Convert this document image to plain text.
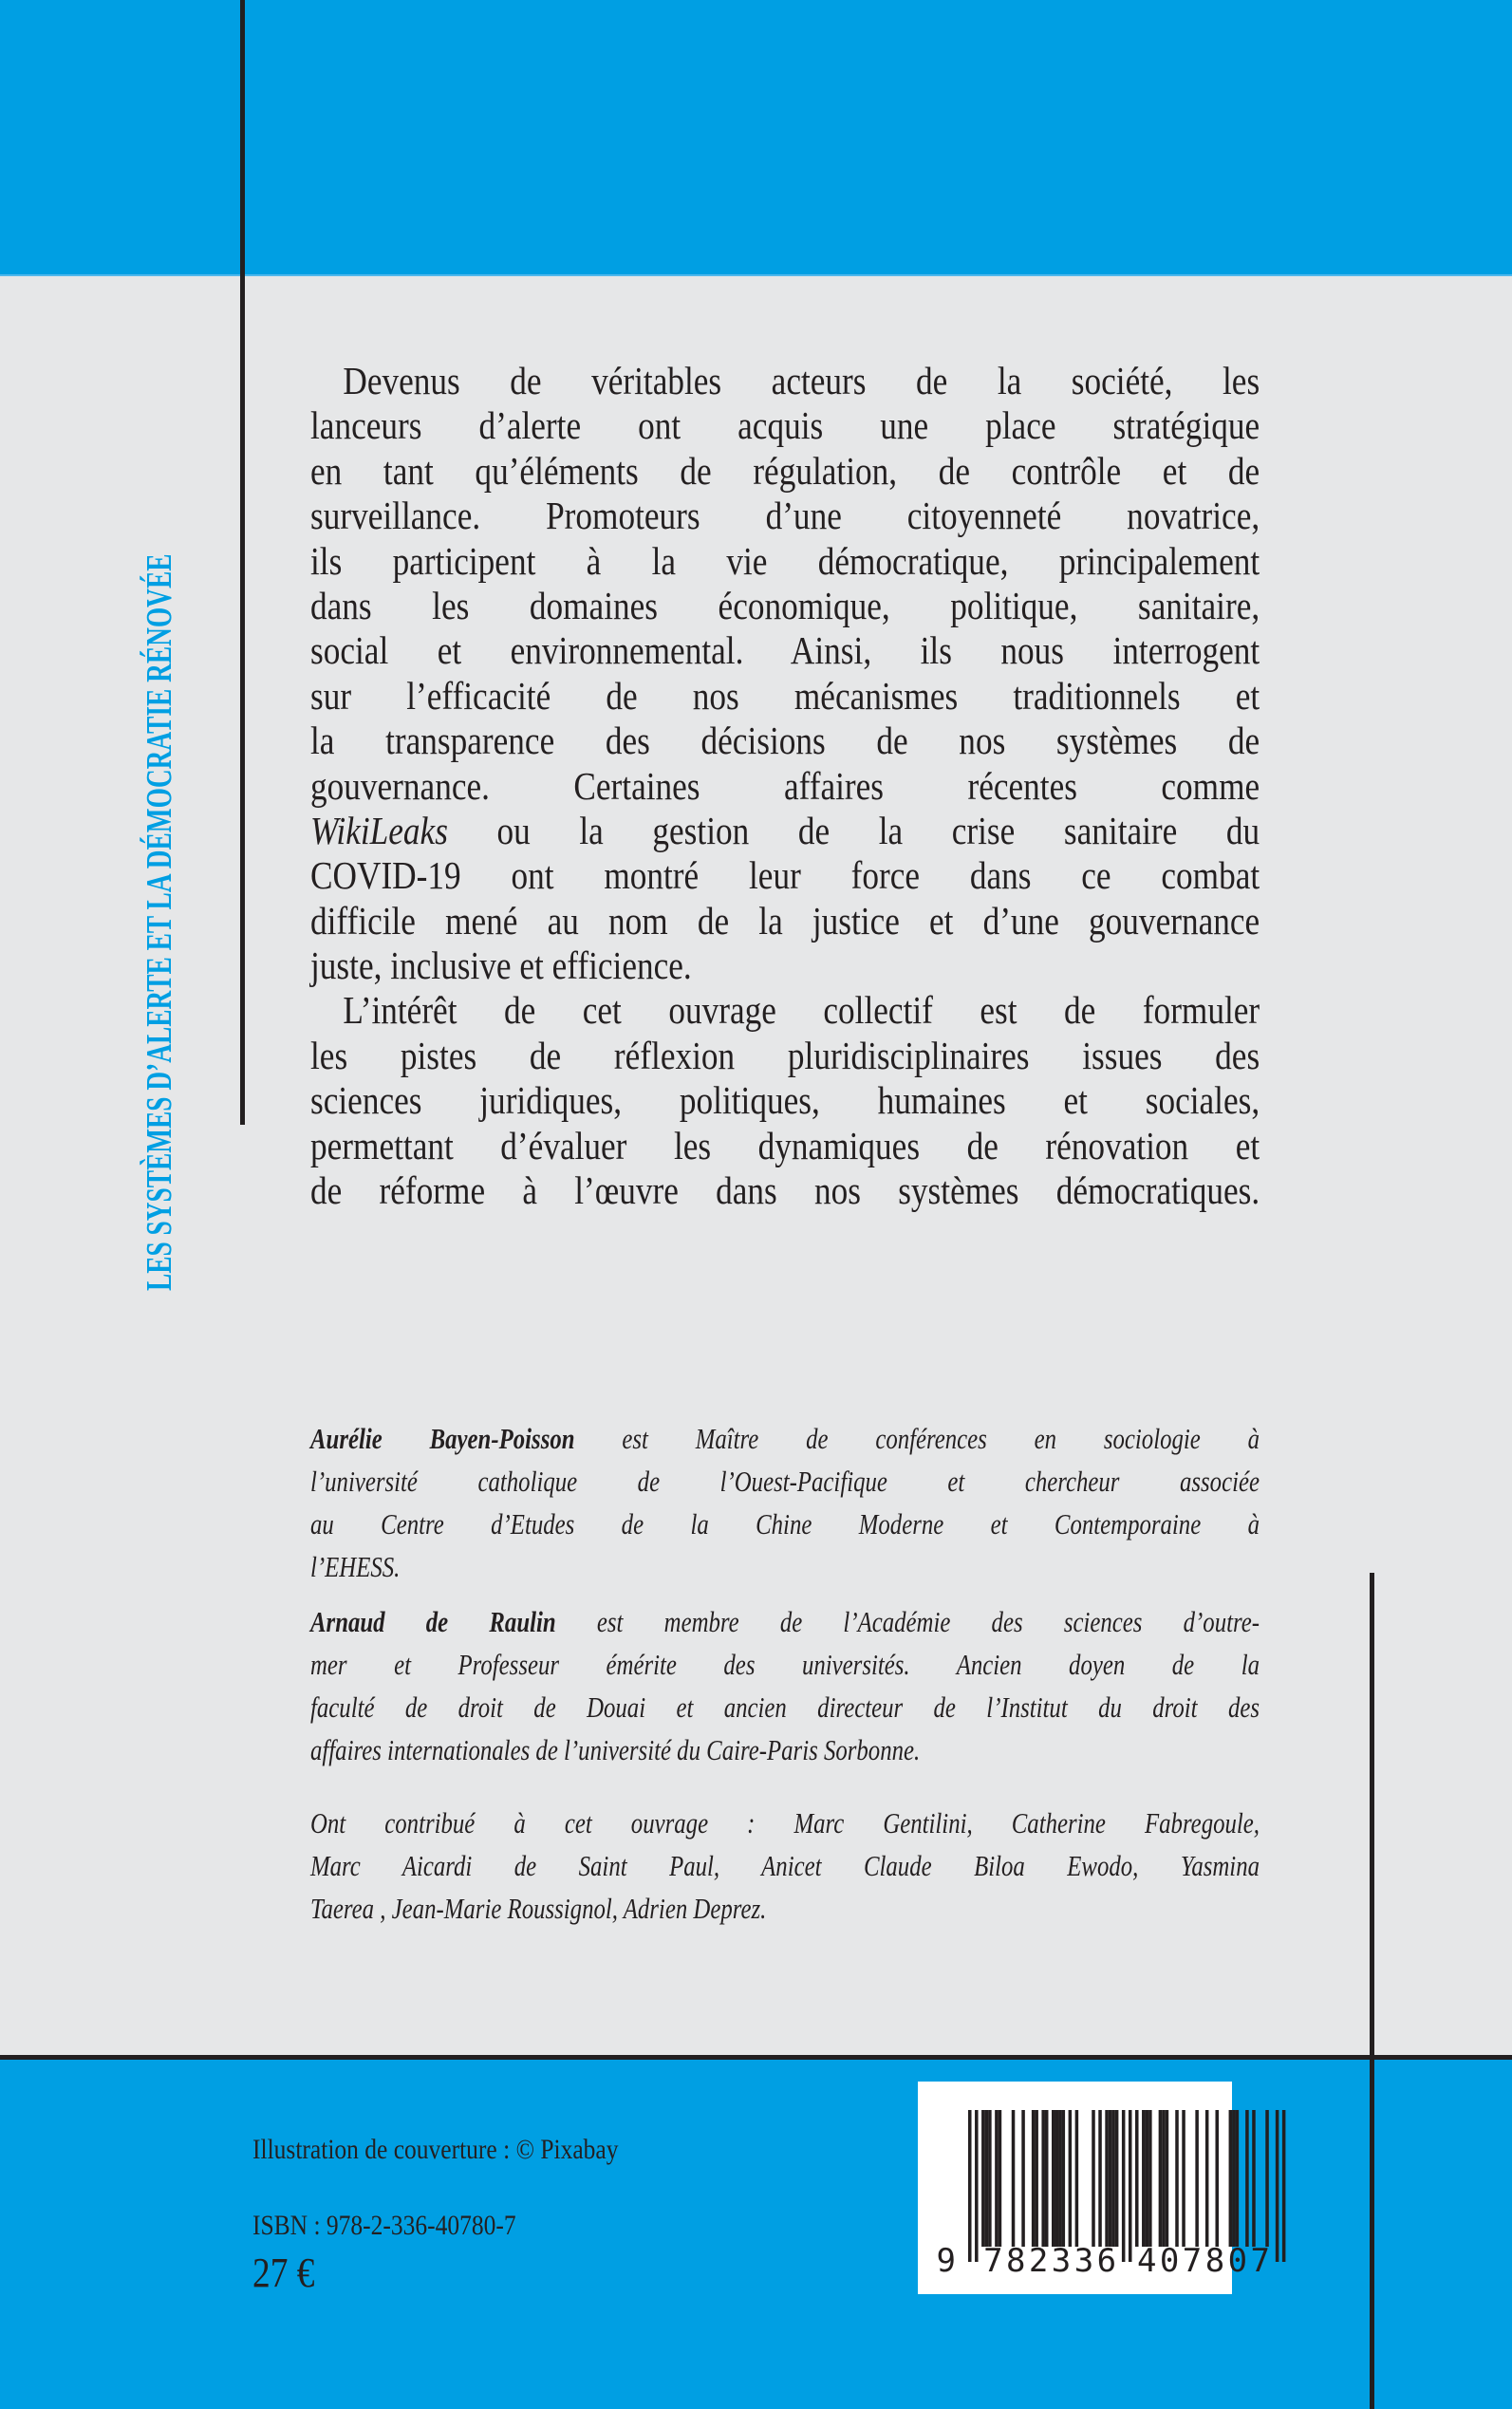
LES SYSTÈMES D’ALERTE ET LA DÉMOCRATIE RÉNOVÉE
Devenus de véritables acteurs de la société, les
lanceurs d’alerte ont acquis une place stratégique
en tant qu’éléments de régulation, de contrôle et de
surveillance. Promoteurs d’une citoyenneté novatrice,
ils participent à la vie démocratique, principalement
dans les domaines économique, politique, sanitaire,
social et environnemental. Ainsi, ils nous interrogent
sur l’efficacité de nos mécanismes traditionnels et
la transparence des décisions de nos systèmes de
gouvernance. Certaines affaires récentes comme
WikiLeaks ou la gestion de la crise sanitaire du
COVID-19 ont montré leur force dans ce combat
difficile mené au nom de la justice et d’une gouvernance
juste, inclusive et efficience.
L’intérêt de cet ouvrage collectif est de formuler
les pistes de réflexion pluridisciplinaires issues des
sciences juridiques, politiques, humaines et sociales,
permettant d’évaluer les dynamiques de rénovation et
de réforme à l’œuvre dans nos systèmes démocratiques.
Aurélie Bayen-Poisson est Maître de conférences en sociologie à
l’université catholique de l’Ouest-Pacifique et chercheur associée
au Centre d’Etudes de la Chine Moderne et Contemporaine à
l’EHESS.
Arnaud de Raulin est membre de l’Académie des sciences d’outre-
mer et Professeur émérite des universités. Ancien doyen de la
faculté de droit de Douai et ancien directeur de l’Institut du droit des
affaires internationales de l’université du Caire-Paris Sorbonne.
Ont contribué à cet ouvrage : Marc Gentilini, Catherine Fabregoule,
Marc Aicardi de Saint Paul, Anicet Claude Biloa Ewodo, Yasmina
Taerea , Jean-Marie Roussignol, Adrien Deprez.
Illustration de couverture : © Pixabay
ISBN : 978-2-336-40780-7
27 €	9 782336 407807
